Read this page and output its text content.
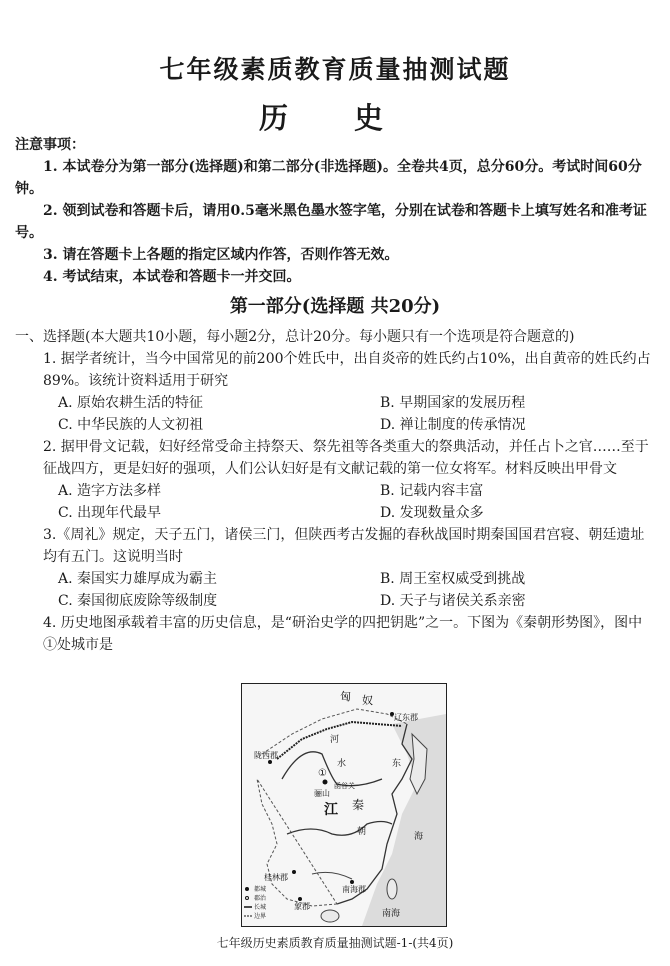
七年级素质教育质量抽测试题
历 史
注意事项：
1. 本试卷分为第一部分(选择题)和第二部分(非选择题)。全卷共4页，总分60分。考试时间60分钟。
2. 领到试卷和答题卡后，请用0.5毫米黑色墨水签字笔，分别在试卷和答题卡上填写姓名和准考证号。
3. 请在答题卡上各题的指定区域内作答，否则作答无效。
4. 考试结束，本试卷和答题卡一并交回。
第一部分(选择题 共20分)
一、选择题(本大题共10小题，每小题2分，总计20分。每小题只有一个选项是符合题意的)
1. 据学者统计，当今中国常见的前200个姓氏中，出自炎帝的姓氏约占10%，出自黄帝的姓氏约占89%。该统计资料适用于研究
A. 原始农耕生活的特征	B. 早期国家的发展历程
C. 中华民族的人文初祖	D. 禅让制度的传承情况
2. 据甲骨文记载，妇好经常受命主持祭天、祭先祖等各类重大的祭典活动，并任占卜之官……至于征战四方，更是妇好的强项，人们公认妇好是有文献记载的第一位女将军。材料反映出甲骨文
A. 造字方法多样	B. 记载内容丰富
C. 出现年代最早	D. 发现数量众多
3.《周礼》规定，天子五门，诸侯三门，但陕西考古发掘的春秋战国时期秦国国君宫寝、朝廷遗址均有五门。这说明当时
A. 秦国实力雄厚成为霸主	B. 周王室权威受到挑战
C. 秦国彻底废除等级制度	D. 天子与诸侯关系亲密
4. 历史地图承载着丰富的历史信息，是“研治史学的四把钥匙”之一。下图为《秦朝形势图》，图中①处城市是
匈 奴
辽东郡
陇西郡
河
水
①
骊山
函谷关
江 秦
东
海
朝
桂林郡
象郡
南海郡
南海
都城
郡治
长城
边界
七年级历史素质教育质量抽测试题-1-(共4页)
